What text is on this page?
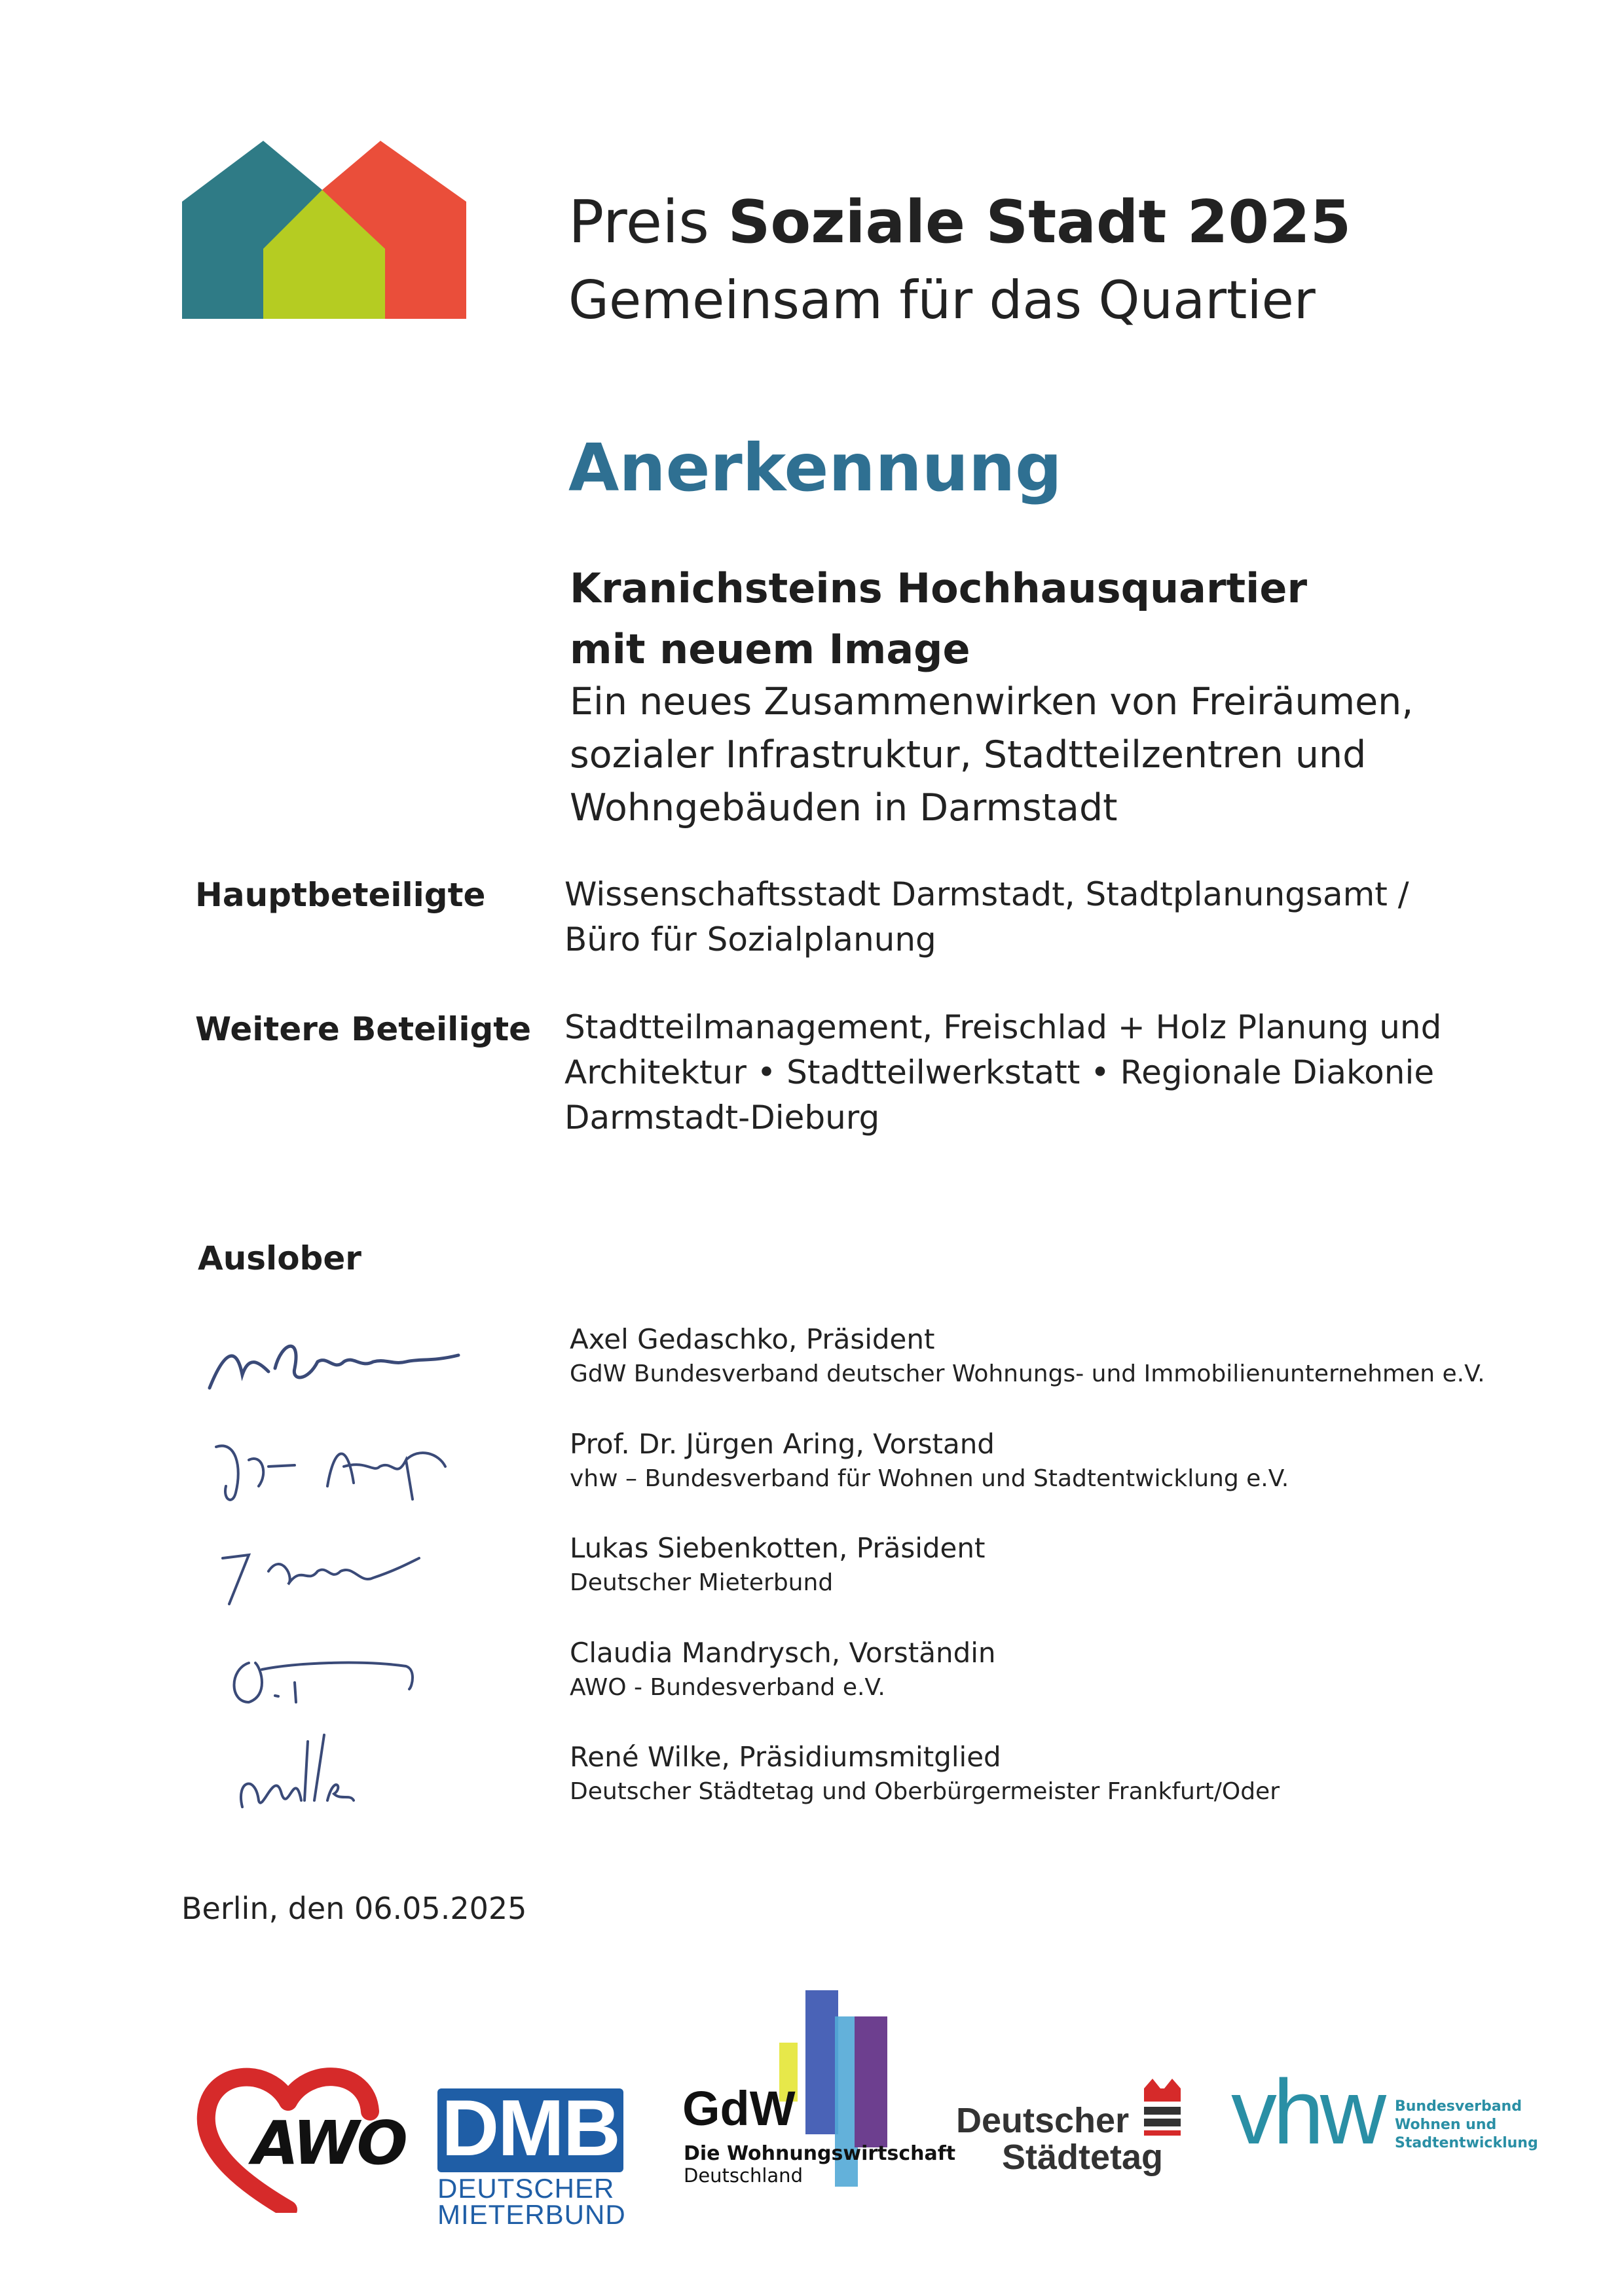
Preis Soziale Stadt 2025
Gemeinsam für das Quartier
Anerkennung
Kranichsteins Hochhausquartier
mit neuem Image
Ein neues Zusammenwirken von Freiräumen,
sozialer Infrastruktur, Stadtteilzentren und
Wohngebäuden in Darmstadt
Hauptbeteiligte Wissenschaftsstadt Darmstadt, Stadtplanungsamt /
Büro für Sozialplanung
Weitere Beteiligte Stadtteilmanagement, Freischlad + Holz Planung und
Architektur • Stadtteilwerkstatt • Regionale Diakonie
Darmstadt-Dieburg
Auslober
Axel Gedaschko, Präsident
GdW Bundesverband deutscher Wohnungs- und Immobilienunternehmen e.V.
Prof. Dr. Jürgen Aring, Vorstand
vhw – Bundesverband für Wohnen und Stadtentwicklung e.V.
Lukas Siebenkotten, Präsident
Deutscher Mieterbund
Claudia Mandrysch, Vorständin
AWO - Bundesverband e.V.
René Wilke, Präsidiumsmitglied
Deutscher Städtetag und Oberbürgermeister Frankfurt/Oder
Berlin, den 06.05.2025
AWO DMB
DEUTSCHER
MIETERBUND
GdW
Die Wohnungswirtschaft
Deutschland
Deutscher
Städtetag vhw Bundesverband
Wohnen und
Stadtentwicklung
